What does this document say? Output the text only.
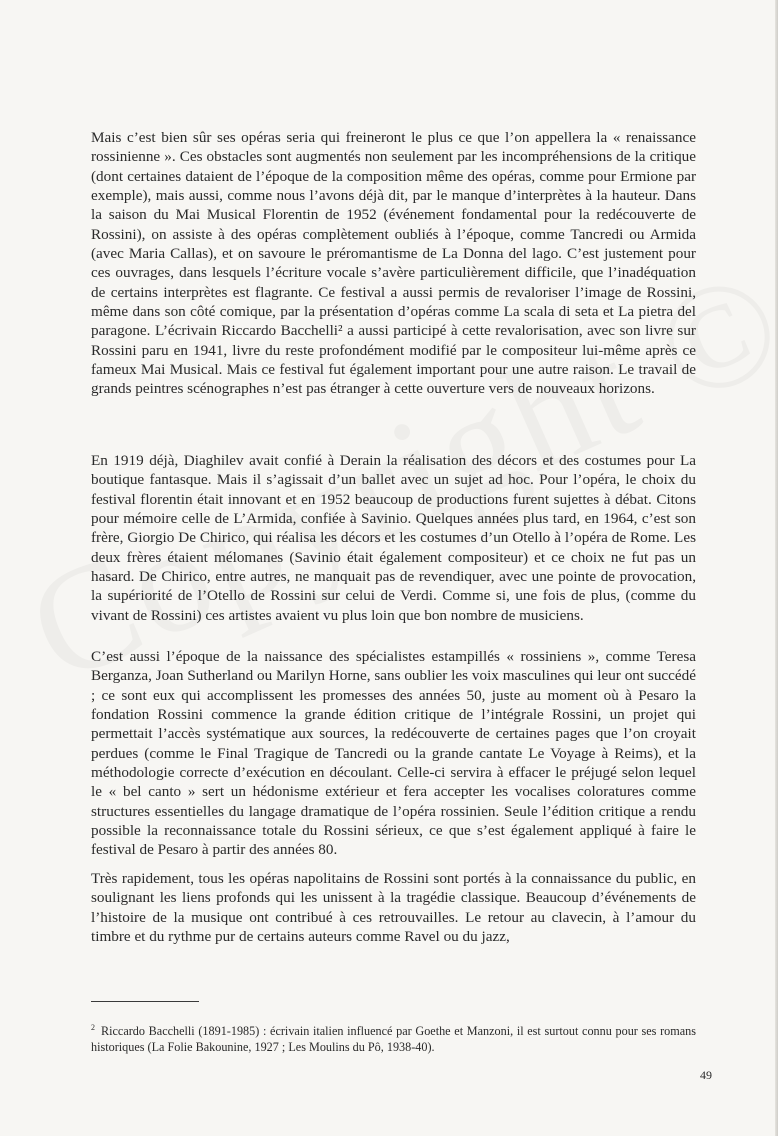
Mais c’est bien sûr ses opéras seria qui freineront le plus ce que l’on appellera la « renaissance rossinienne ». Ces obstacles sont augmentés non seulement par les incompréhensions de la critique (dont certaines dataient de l’époque de la composition même des opéras, comme pour Ermione par exemple), mais aussi, comme nous l’avons déjà dit, par le manque d’interprètes à la hauteur. Dans la saison du Mai Musical Florentin de 1952 (événement fondamental pour la redécouverte de Rossini), on assiste à des opéras complètement oubliés à l’époque, comme Tancredi ou Armida (avec Maria Callas), et on savoure le préromantisme de La Donna del lago. C’est justement pour ces ouvrages, dans lesquels l’écriture vocale s’avère particulièrement difficile, que l’inadéquation de certains interprètes est flagrante. Ce festival a aussi permis de revaloriser l’image de Rossini, même dans son côté comique, par la présentation d’opéras comme La scala di seta et La pietra del paragone. L’écrivain Riccardo Bacchelli² a aussi participé à cette revalorisation, avec son livre sur Rossini paru en 1941, livre du reste profondément modifié par le compositeur lui-même après ce fameux Mai Musical. Mais ce festival fut également important pour une autre raison. Le travail de grands peintres scénographes n’est pas étranger à cette ouverture vers de nouveaux horizons.

En 1919 déjà, Diaghilev avait confié à Derain la réalisation des décors et des costumes pour La boutique fantasque. Mais il s’agissait d’un ballet avec un sujet ad hoc. Pour l’opéra, le choix du festival florentin était innovant et en 1952 beaucoup de productions furent sujettes à débat. Citons pour mémoire celle de L’Armida, confiée à Savinio. Quelques années plus tard, en 1964, c’est son frère, Giorgio De Chirico, qui réalisa les décors et les costumes d’un Otello à l’opéra de Rome. Les deux frères étaient mélomanes (Savinio était également compositeur) et ce choix ne fut pas un hasard. De Chirico, entre autres, ne manquait pas de revendiquer, avec une pointe de provocation, la supériorité de l’Otello de Rossini sur celui de Verdi. Comme si, une fois de plus, (comme du vivant de Rossini) ces artistes avaient vu plus loin que bon nombre de musiciens.

C’est aussi l’époque de la naissance des spécialistes estampillés « rossiniens », comme Teresa Berganza, Joan Sutherland ou Marilyn Horne, sans oublier les voix masculines qui leur ont succédé ; ce sont eux qui accomplissent les promesses des années 50, juste au moment où à Pesaro la fondation Rossini commence la grande édition critique de l’intégrale Rossini, un projet qui permettait l’accès systématique aux sources, la redécouverte de certaines pages que l’on croyait perdues (comme le Final Tragique de Tancredi ou la grande cantate Le Voyage à Reims), et la méthodologie correcte d’exécution en découlant. Celle-ci servira à effacer le préjugé selon lequel le « bel canto » sert un hédonisme extérieur et fera accepter les vocalises coloratures comme structures essentielles du langage dramatique de l’opéra rossinien. Seule l’édition critique a rendu possible la reconnaissance totale du Rossini sérieux, ce que s’est également appliqué à faire le festival de Pesaro à partir des années 80.

Très rapidement, tous les opéras napolitains de Rossini sont portés à la connaissance du public, en soulignant les liens profonds qui les unissent à la tragédie classique. Beaucoup d’événements de l’histoire de la musique ont contribué à ces retrouvailles. Le retour au clavecin, à l’amour du timbre et du rythme pur de certains auteurs comme Ravel ou du jazz,

$^2$ Riccardo Bacchelli (1891-1985) : écrivain italien influencé par Goethe et Manzoni, il est surtout connu pour ses romans historiques (La Folie Bakounine, 1927 ; Les Moulins du Pô, 1938-40).
49
